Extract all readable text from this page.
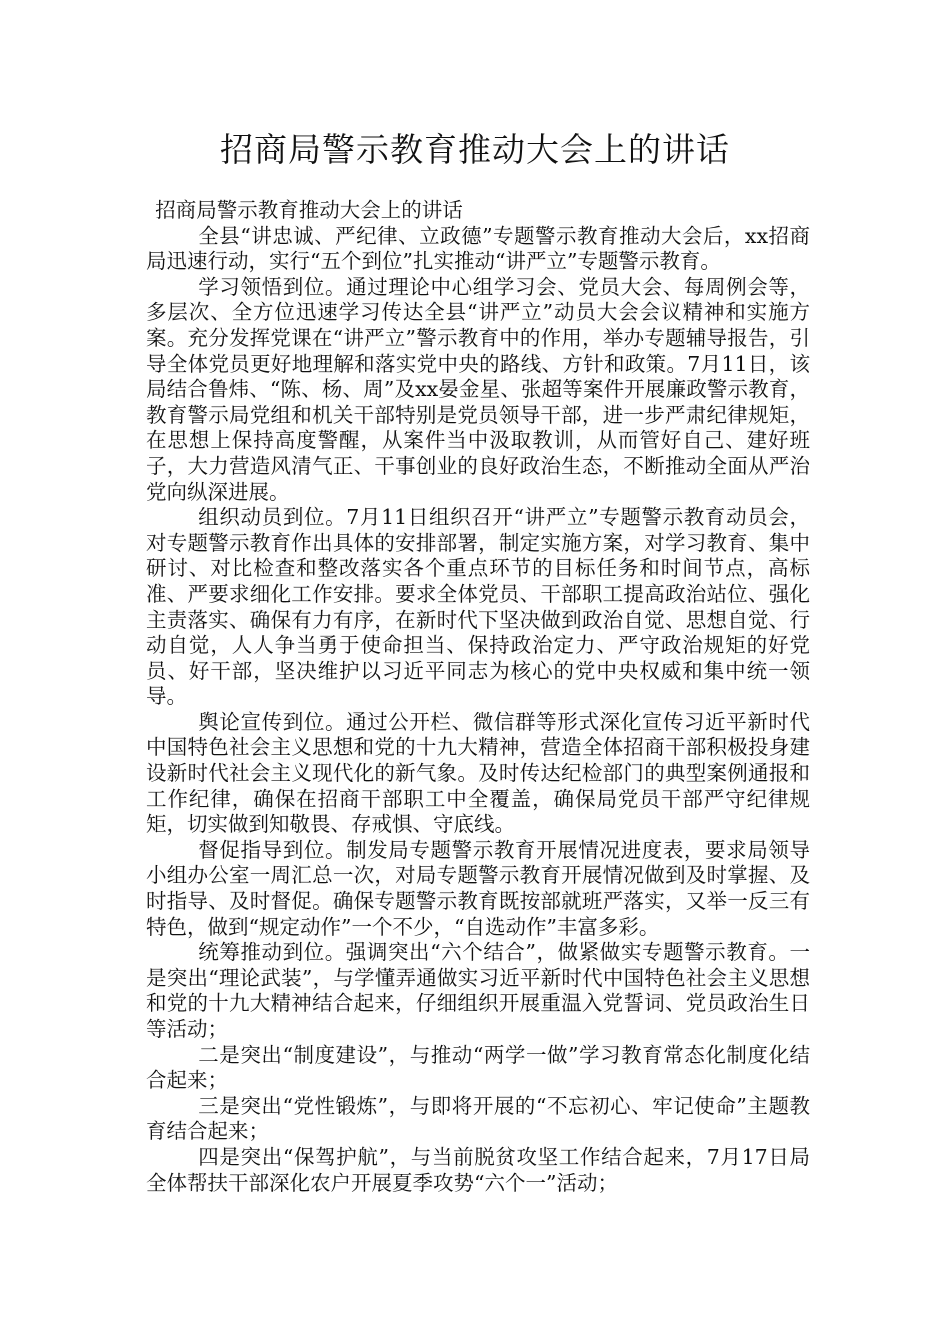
招商局警示教育推动大会上的讲话

招商局警示教育推动大会上的讲话

全县“讲忠诚、严纪律、立政德”专题警示教育推动大会后，xx招商局迅速行动，实行“五个到位”扎实推动“讲严立”专题警示教育。

学习领悟到位。通过理论中心组学习会、党员大会、每周例会等，多层次、全方位迅速学习传达全县“讲严立”动员大会会议精神和实施方案。充分发挥党课在“讲严立”警示教育中的作用，举办专题辅导报告，引导全体党员更好地理解和落实党中央的路线、方针和政策。7月11日，该局结合鲁炜、“陈、杨、周”及xx晏金星、张超等案件开展廉政警示教育，教育警示局党组和机关干部特别是党员领导干部，进一步严肃纪律规矩，在思想上保持高度警醒，从案件当中汲取教训，从而管好自己、建好班子，大力营造风清气正、干事创业的良好政治生态，不断推动全面从严治党向纵深进展。

组织动员到位。7月11日组织召开“讲严立”专题警示教育动员会，对专题警示教育作出具体的安排部署，制定实施方案，对学习教育、集中研讨、对比检查和整改落实各个重点环节的目标任务和时间节点，高标准、严要求细化工作安排。要求全体党员、干部职工提高政治站位、强化主责落实、确保有力有序，在新时代下坚决做到政治自觉、思想自觉、行动自觉，人人争当勇于使命担当、保持政治定力、严守政治规矩的好党员、好干部，坚决维护以习近平同志为核心的党中央权威和集中统一领导。

舆论宣传到位。通过公开栏、微信群等形式深化宣传习近平新时代中国特色社会主义思想和党的十九大精神，营造全体招商干部积极投身建设新时代社会主义现代化的新气象。及时传达纪检部门的典型案例通报和工作纪律，确保在招商干部职工中全覆盖，确保局党员干部严守纪律规矩，切实做到知敬畏、存戒惧、守底线。

督促指导到位。制发局专题警示教育开展情况进度表，要求局领导小组办公室一周汇总一次，对局专题警示教育开展情况做到及时掌握、及时指导、及时督促。确保专题警示教育既按部就班严落实，又举一反三有特色，做到“规定动作”一个不少，“自选动作”丰富多彩。

统筹推动到位。强调突出“六个结合”，做紧做实专题警示教育。一是突出“理论武装”，与学懂弄通做实习近平新时代中国特色社会主义思想和党的十九大精神结合起来，仔细组织开展重温入党誓词、党员政治生日等活动；

二是突出“制度建设”，与推动“两学一做”学习教育常态化制度化结合起来；

三是突出“党性锻炼”，与即将开展的“不忘初心、牢记使命”主题教育结合起来；

四是突出“保驾护航”，与当前脱贫攻坚工作结合起来，7月17日局全体帮扶干部深化农户开展夏季攻势“六个一”活动；
